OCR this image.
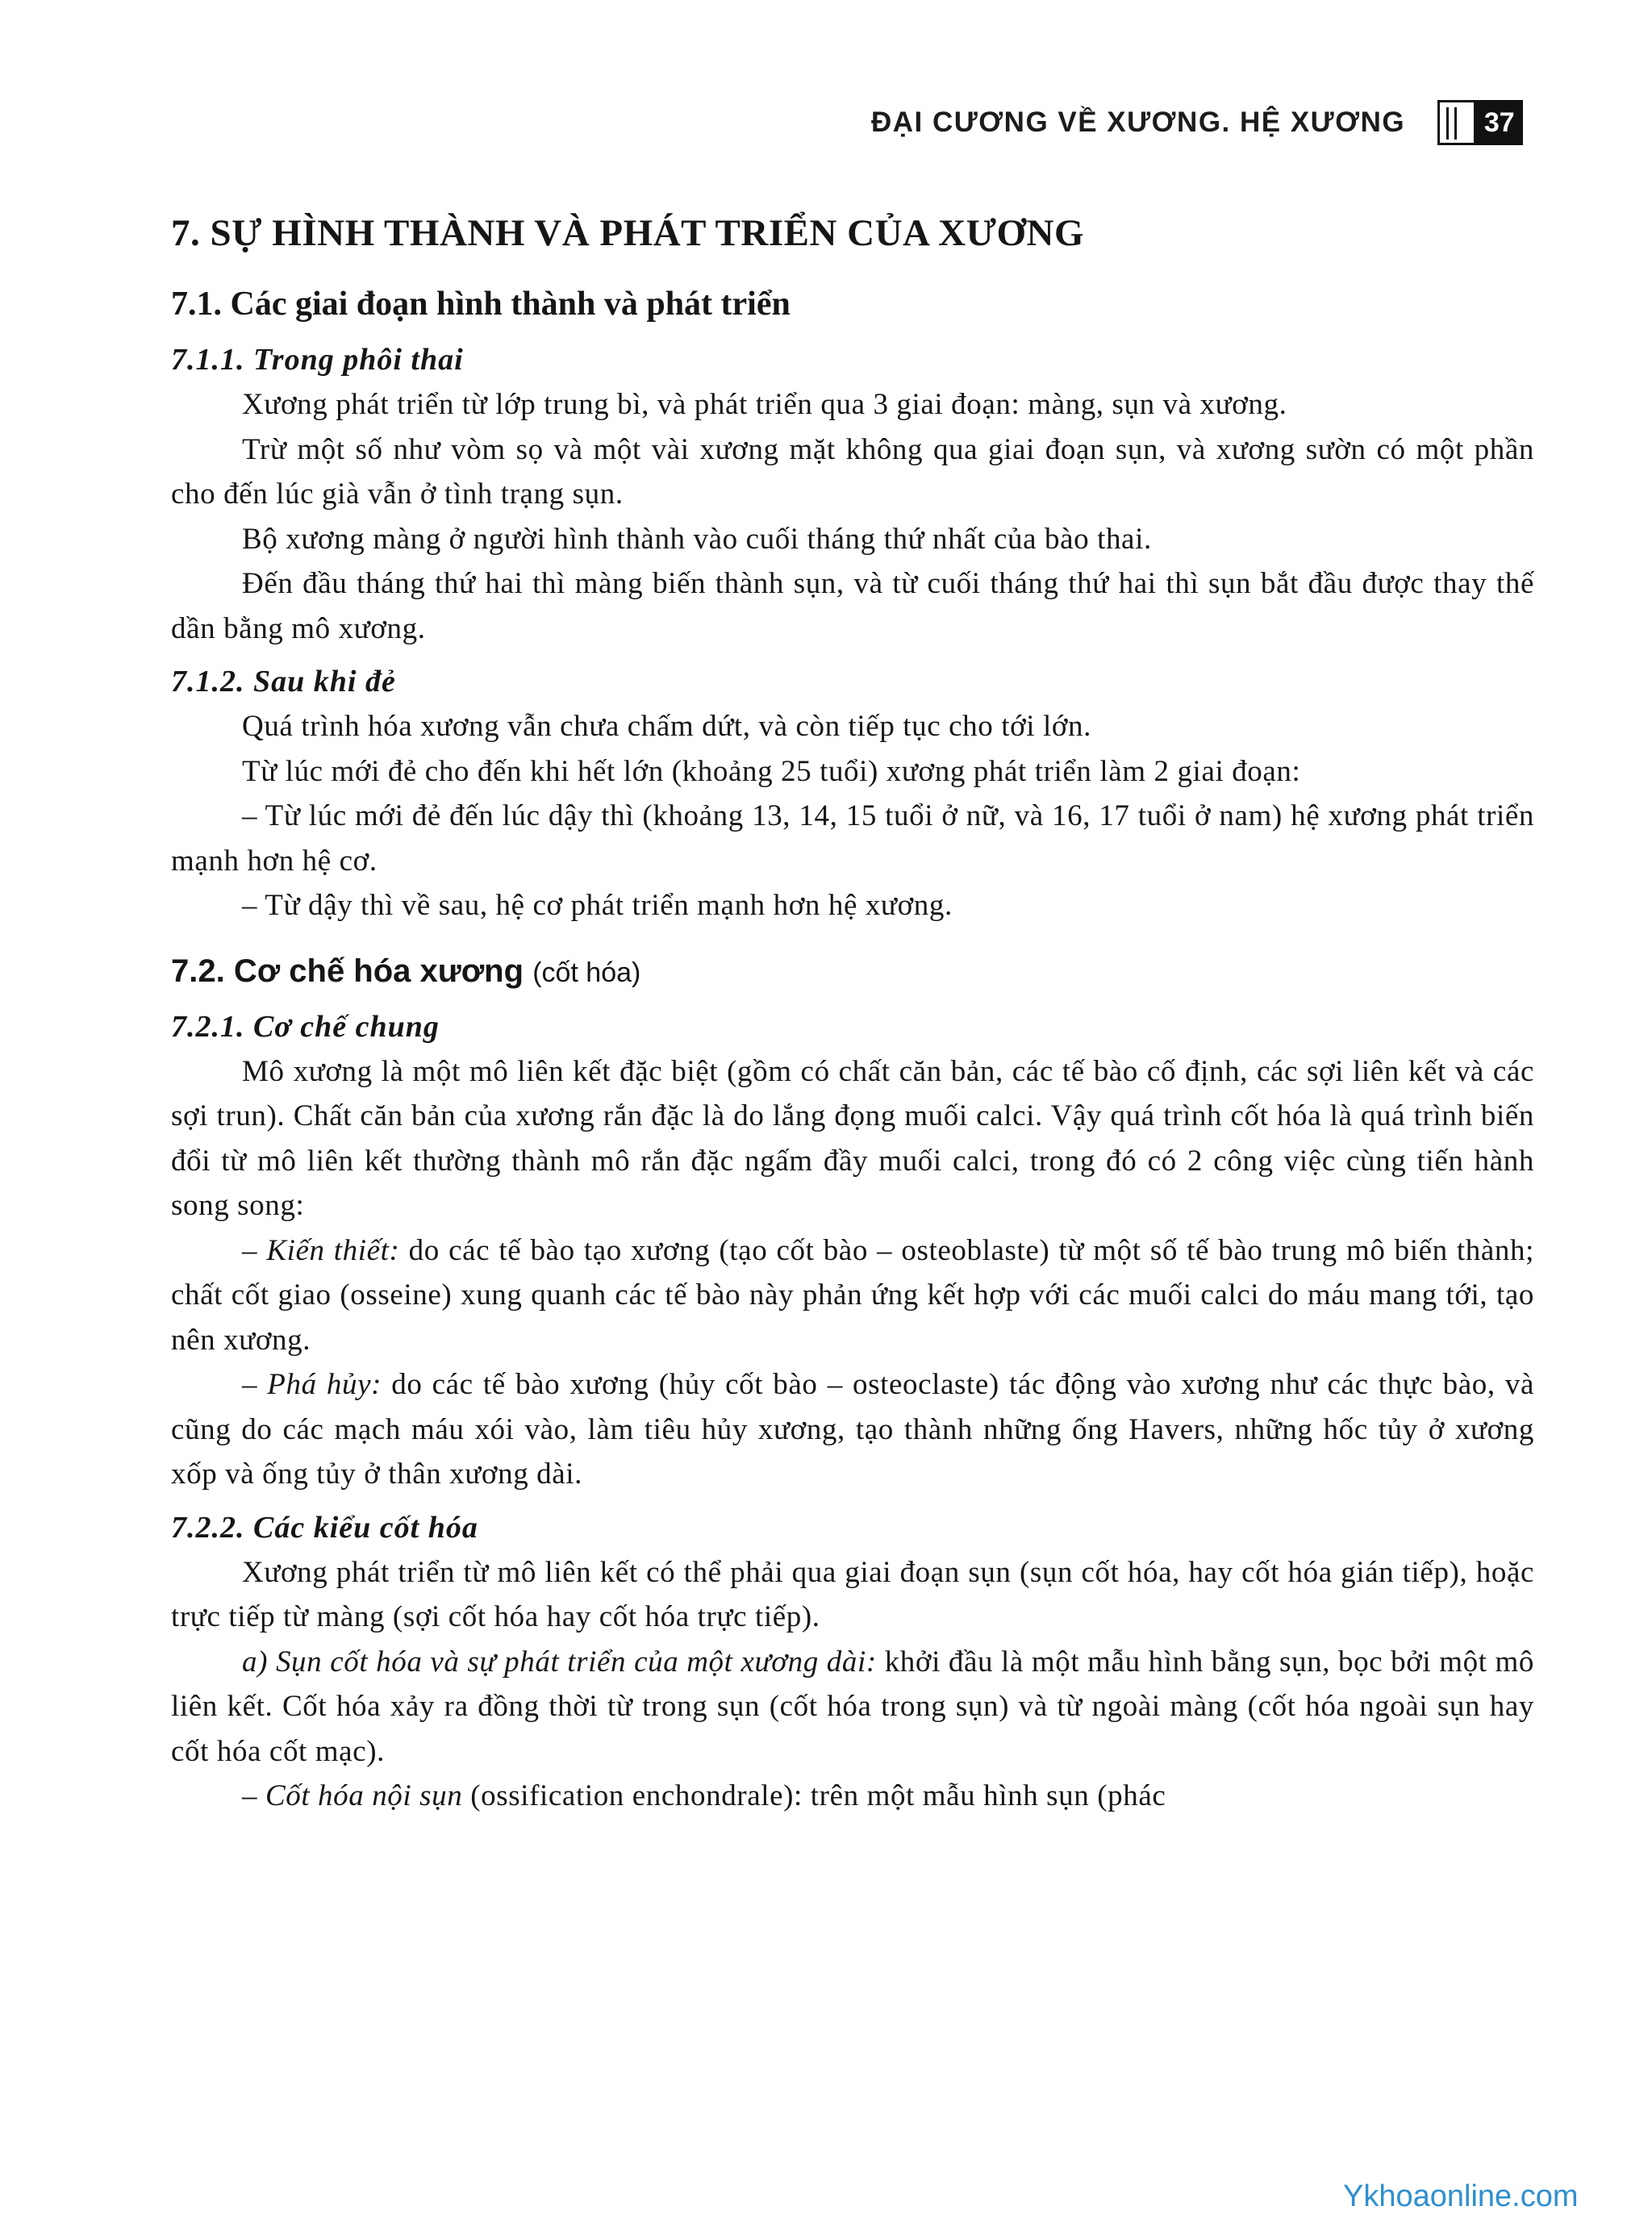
ĐẠI CƯƠNG VỀ XƯƠNG. HỆ XƯƠNG	37
7. SỰ HÌNH THÀNH VÀ PHÁT TRIỂN CỦA XƯƠNG
7.1. Các giai đoạn hình thành và phát triển
7.1.1. Trong phôi thai

Xương phát triển từ lớp trung bì, và phát triển qua 3 giai đoạn: màng, sụn và xương.

Trừ một số như vòm sọ và một vài xương mặt không qua giai đoạn sụn, và xương sườn có một phần cho đến lúc già vẫn ở tình trạng sụn.

Bộ xương màng ở người hình thành vào cuối tháng thứ nhất của bào thai.

Đến đầu tháng thứ hai thì màng biến thành sụn, và từ cuối tháng thứ hai thì sụn bắt đầu được thay thế dần bằng mô xương.

7.1.2. Sau khi đẻ

Quá trình hóa xương vẫn chưa chấm dứt, và còn tiếp tục cho tới lớn.

Từ lúc mới đẻ cho đến khi hết lớn (khoảng 25 tuổi) xương phát triển làm 2 giai đoạn:

– Từ lúc mới đẻ đến lúc dậy thì (khoảng 13, 14, 15 tuổi ở nữ, và 16, 17 tuổi ở nam) hệ xương phát triển mạnh hơn hệ cơ.

– Từ dậy thì về sau, hệ cơ phát triển mạnh hơn hệ xương.

7.2. Cơ chế hóa xương (cốt hóa)
7.2.1. Cơ chế chung

Mô xương là một mô liên kết đặc biệt (gồm có chất căn bản, các tế bào cố định, các sợi liên kết và các sợi trun). Chất căn bản của xương rắn đặc là do lắng đọng muối calci. Vậy quá trình cốt hóa là quá trình biến đổi từ mô liên kết thường thành mô rắn đặc ngấm đầy muối calci, trong đó có 2 công việc cùng tiến hành song song:

– Kiến thiết: do các tế bào tạo xương (tạo cốt bào – osteoblaste) từ một số tế bào trung mô biến thành; chất cốt giao (osseine) xung quanh các tế bào này phản ứng kết hợp với các muối calci do máu mang tới, tạo nên xương.

– Phá hủy: do các tế bào xương (hủy cốt bào – osteoclaste) tác động vào xương như các thực bào, và cũng do các mạch máu xói vào, làm tiêu hủy xương, tạo thành những ống Havers, những hốc tủy ở xương xốp và ống tủy ở thân xương dài.

7.2.2. Các kiểu cốt hóa

Xương phát triển từ mô liên kết có thể phải qua giai đoạn sụn (sụn cốt hóa, hay cốt hóa gián tiếp), hoặc trực tiếp từ màng (sợi cốt hóa hay cốt hóa trực tiếp).

a) Sụn cốt hóa và sự phát triển của một xương dài: khởi đầu là một mẫu hình bằng sụn, bọc bởi một mô liên kết. Cốt hóa xảy ra đồng thời từ trong sụn (cốt hóa trong sụn) và từ ngoài màng (cốt hóa ngoài sụn hay cốt hóa cốt mạc).

– Cốt hóa nội sụn (ossification enchondrale): trên một mẫu hình sụn (phác

Ykhoaonline.com
